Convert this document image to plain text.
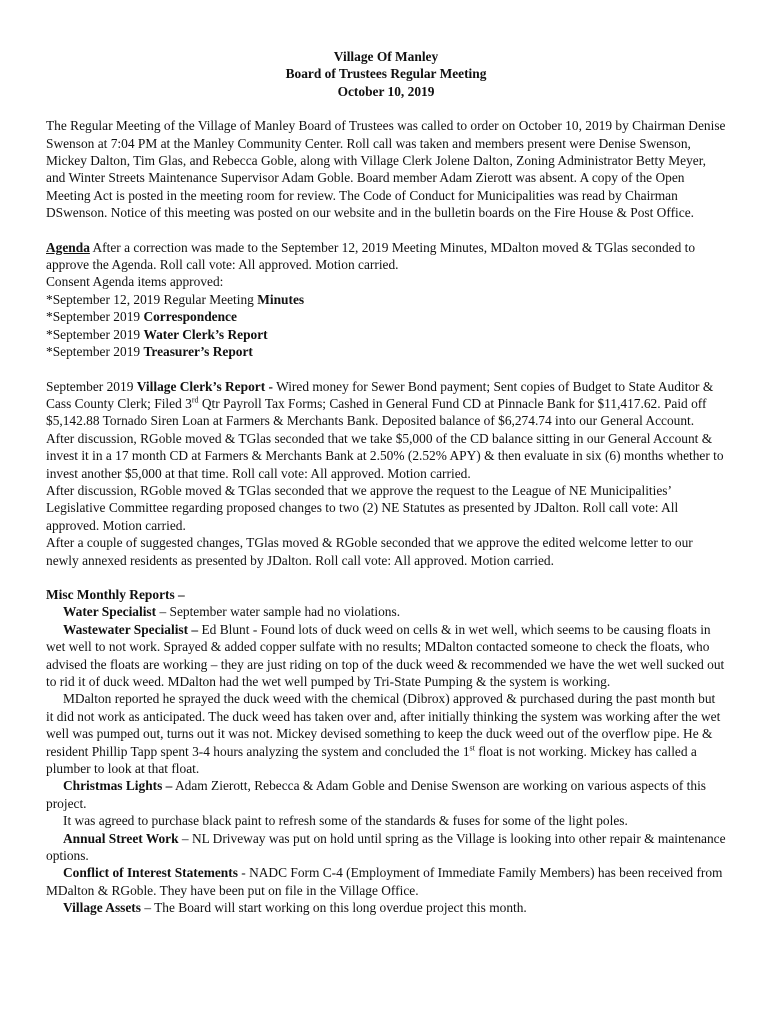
Village Of Manley
Board of Trustees Regular Meeting
October 10, 2019

The Regular Meeting of the Village of Manley Board of Trustees was called to order on October 10, 2019 by Chairman Denise Swenson at 7:04 PM at the Manley Community Center. Roll call was taken and members present were Denise Swenson, Mickey Dalton, Tim Glas, and Rebecca Goble, along with Village Clerk Jolene Dalton, Zoning Administrator Betty Meyer, and Winter Streets Maintenance Supervisor Adam Goble. Board member Adam Zierott was absent. A copy of the Open Meeting Act is posted in the meeting room for review. The Code of Conduct for Municipalities was read by Chairman DSwenson. Notice of this meeting was posted on our website and in the bulletin boards on the Fire House & Post Office.

Agenda After a correction was made to the September 12, 2019 Meeting Minutes, MDalton moved & TGlas seconded to approve the Agenda. Roll call vote: All approved. Motion carried.

Consent Agenda items approved:

*September 12, 2019 Regular Meeting Minutes

*September 2019 Correspondence

*September 2019 Water Clerk’s Report

*September 2019 Treasurer’s Report

September 2019 Village Clerk’s Report - Wired money for Sewer Bond payment; Sent copies of Budget to State Auditor & Cass County Clerk; Filed 3rd Qtr Payroll Tax Forms; Cashed in General Fund CD at Pinnacle Bank for $11,417.62. Paid off $5,142.88 Tornado Siren Loan at Farmers & Merchants Bank. Deposited balance of $6,274.74 into our General Account.

After discussion, RGoble moved & TGlas seconded that we take $5,000 of the CD balance sitting in our General Account & invest it in a 17 month CD at Farmers & Merchants Bank at 2.50% (2.52% APY) & then evaluate in six (6) months whether to invest another $5,000 at that time. Roll call vote: All approved. Motion carried.

After discussion, RGoble moved & TGlas seconded that we approve the request to the League of NE Municipalities’ Legislative Committee regarding proposed changes to two (2) NE Statutes as presented by JDalton. Roll call vote: All approved. Motion carried.

After a couple of suggested changes, TGlas moved & RGoble seconded that we approve the edited welcome letter to our newly annexed residents as presented by JDalton. Roll call vote: All approved. Motion carried.

Misc Monthly Reports –

Water Specialist – September water sample had no violations.

Wastewater Specialist – Ed Blunt - Found lots of duck weed on cells & in wet well, which seems to be causing floats in wet well to not work. Sprayed & added copper sulfate with no results; MDalton contacted someone to check the floats, who advised the floats are working – they are just riding on top of the duck weed & recommended we have the wet well sucked out to rid it of duck weed. MDalton had the wet well pumped by Tri-State Pumping & the system is working.

MDalton reported he sprayed the duck weed with the chemical (Dibrox) approved & purchased during the past month but it did not work as anticipated. The duck weed has taken over and, after initially thinking the system was working after the wet well was pumped out, turns out it was not. Mickey devised something to keep the duck weed out of the overflow pipe. He & resident Phillip Tapp spent 3-4 hours analyzing the system and concluded the 1st float is not working. Mickey has called a plumber to look at that float.

Christmas Lights – Adam Zierott, Rebecca & Adam Goble and Denise Swenson are working on various aspects of this project.

It was agreed to purchase black paint to refresh some of the standards & fuses for some of the light poles.

Annual Street Work – NL Driveway was put on hold until spring as the Village is looking into other repair & maintenance options.

Conflict of Interest Statements - NADC Form C-4 (Employment of Immediate Family Members) has been received from MDalton & RGoble. They have been put on file in the Village Office.

Village Assets – The Board will start working on this long overdue project this month.
